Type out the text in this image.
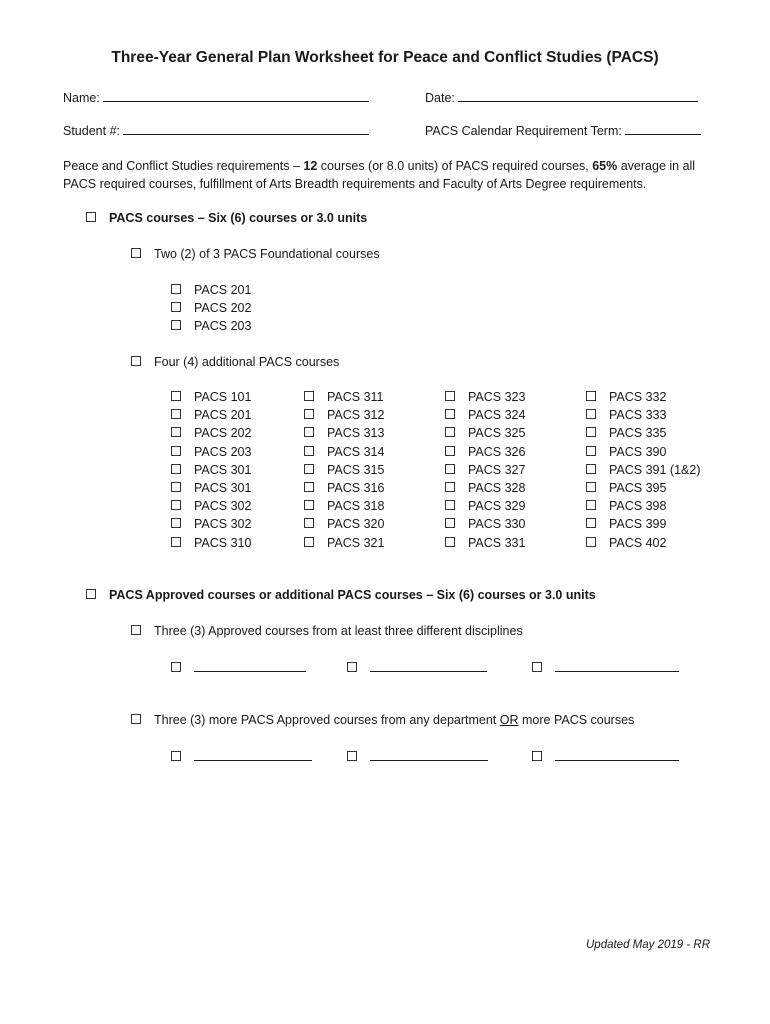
Three-Year General Plan Worksheet for Peace and Conflict Studies (PACS)
Name:	Date:
Student #:	PACS Calendar Requirement Term:
Peace and Conflict Studies requirements – 12 courses (or 8.0 units) of PACS required courses, 65% average in all PACS required courses, fulfillment of Arts Breadth requirements and Faculty of Arts Degree requirements.
PACS courses – Six (6) courses or 3.0 units
Two (2) of 3 PACS Foundational courses
PACS 201
PACS 202
PACS 203
Four (4) additional PACS courses
PACS 101
PACS 201
PACS 202
PACS 203
PACS 301
PACS 301
PACS 302
PACS 302
PACS 310
PACS 311
PACS 312
PACS 313
PACS 314
PACS 315
PACS 316
PACS 318
PACS 320
PACS 321
PACS 323
PACS 324
PACS 325
PACS 326
PACS 327
PACS 328
PACS 329
PACS 330
PACS 331
PACS 332
PACS 333
PACS 335
PACS 390
PACS 391 (1&2)
PACS 395
PACS 398
PACS 399
PACS 402
PACS Approved courses or additional PACS courses – Six (6) courses or 3.0 units
Three (3) Approved courses from at least three different disciplines
Three (3) more PACS Approved courses from any department OR more PACS courses
Updated May 2019 - RR
